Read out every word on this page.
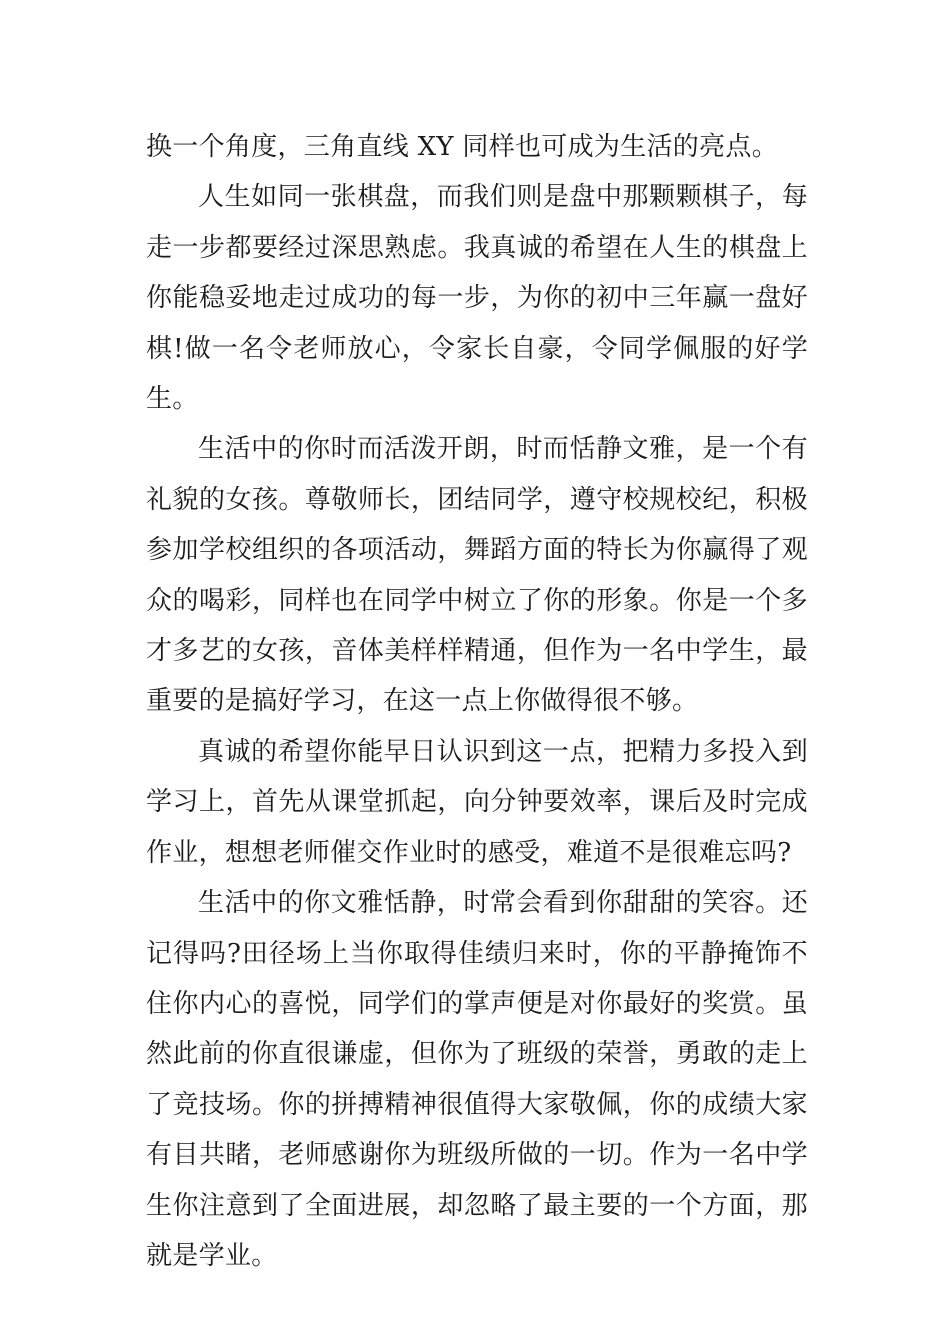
换一个角度，三角直线 XY 同样也可成为生活的亮点。

人生如同一张棋盘，而我们则是盘中那颗颗棋子，每走一步都要经过深思熟虑。我真诚的希望在人生的棋盘上你能稳妥地走过成功的每一步，为你的初中三年赢一盘好棋!做一名令老师放心，令家长自豪，令同学佩服的好学生。

生活中的你时而活泼开朗，时而恬静文雅，是一个有礼貌的女孩。尊敬师长，团结同学，遵守校规校纪，积极参加学校组织的各项活动，舞蹈方面的特长为你赢得了观众的喝彩，同样也在同学中树立了你的形象。你是一个多才多艺的女孩，音体美样样精通，但作为一名中学生，最重要的是搞好学习，在这一点上你做得很不够。

真诚的希望你能早日认识到这一点，把精力多投入到学习上，首先从课堂抓起，向分钟要效率，课后及时完成作业，想想老师催交作业时的感受，难道不是很难忘吗?

生活中的你文雅恬静，时常会看到你甜甜的笑容。还记得吗?田径场上当你取得佳绩归来时，你的平静掩饰不住你内心的喜悦，同学们的掌声便是对你最好的奖赏。虽然此前的你直很谦虚，但你为了班级的荣誉，勇敢的走上了竞技场。你的拼搏精神很值得大家敬佩，你的成绩大家有目共睹，老师感谢你为班级所做的一切。作为一名中学生你注意到了全面进展，却忽略了最主要的一个方面，那就是学业。
